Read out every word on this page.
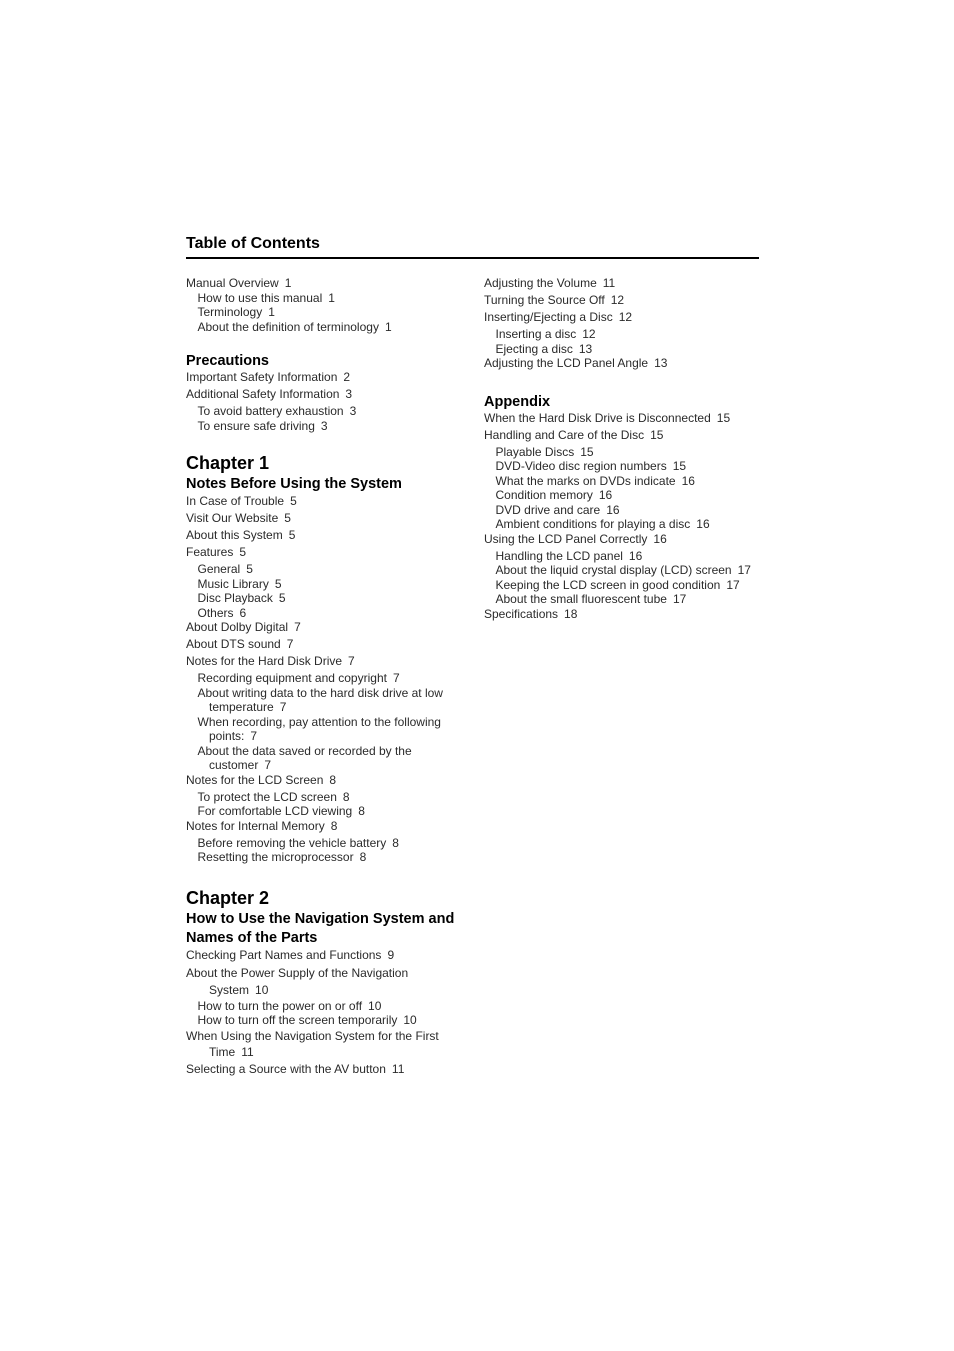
Table of Contents
Manual Overview 1
How to use this manual 1
Terminology 1
About the definition of terminology 1
Precautions
Important Safety Information 2
Additional Safety Information 3
To avoid battery exhaustion 3
To ensure safe driving 3
Chapter 1
Notes Before Using the System
In Case of Trouble 5
Visit Our Website 5
About this System 5
Features 5
General 5
Music Library 5
Disc Playback 5
Others 6
About Dolby Digital 7
About DTS sound 7
Notes for the Hard Disk Drive 7
Recording equipment and copyright 7
About writing data to the hard disk drive at low temperature 7
When recording, pay attention to the following points: 7
About the data saved or recorded by the customer 7
Notes for the LCD Screen 8
To protect the LCD screen 8
For comfortable LCD viewing 8
Notes for Internal Memory 8
Before removing the vehicle battery 8
Resetting the microprocessor 8
Chapter 2
How to Use the Navigation System and Names of the Parts
Checking Part Names and Functions 9
About the Power Supply of the Navigation System 10
How to turn the power on or off 10
How to turn off the screen temporarily 10
When Using the Navigation System for the First Time 11
Selecting a Source with the AV button 11
Adjusting the Volume 11
Turning the Source Off 12
Inserting/Ejecting a Disc 12
Inserting a disc 12
Ejecting a disc 13
Adjusting the LCD Panel Angle 13
Appendix
When the Hard Disk Drive is Disconnected 15
Handling and Care of the Disc 15
Playable Discs 15
DVD-Video disc region numbers 15
What the marks on DVDs indicate 16
Condition memory 16
DVD drive and care 16
Ambient conditions for playing a disc 16
Using the LCD Panel Correctly 16
Handling the LCD panel 16
About the liquid crystal display (LCD) screen 17
Keeping the LCD screen in good condition 17
About the small fluorescent tube 17
Specifications 18
